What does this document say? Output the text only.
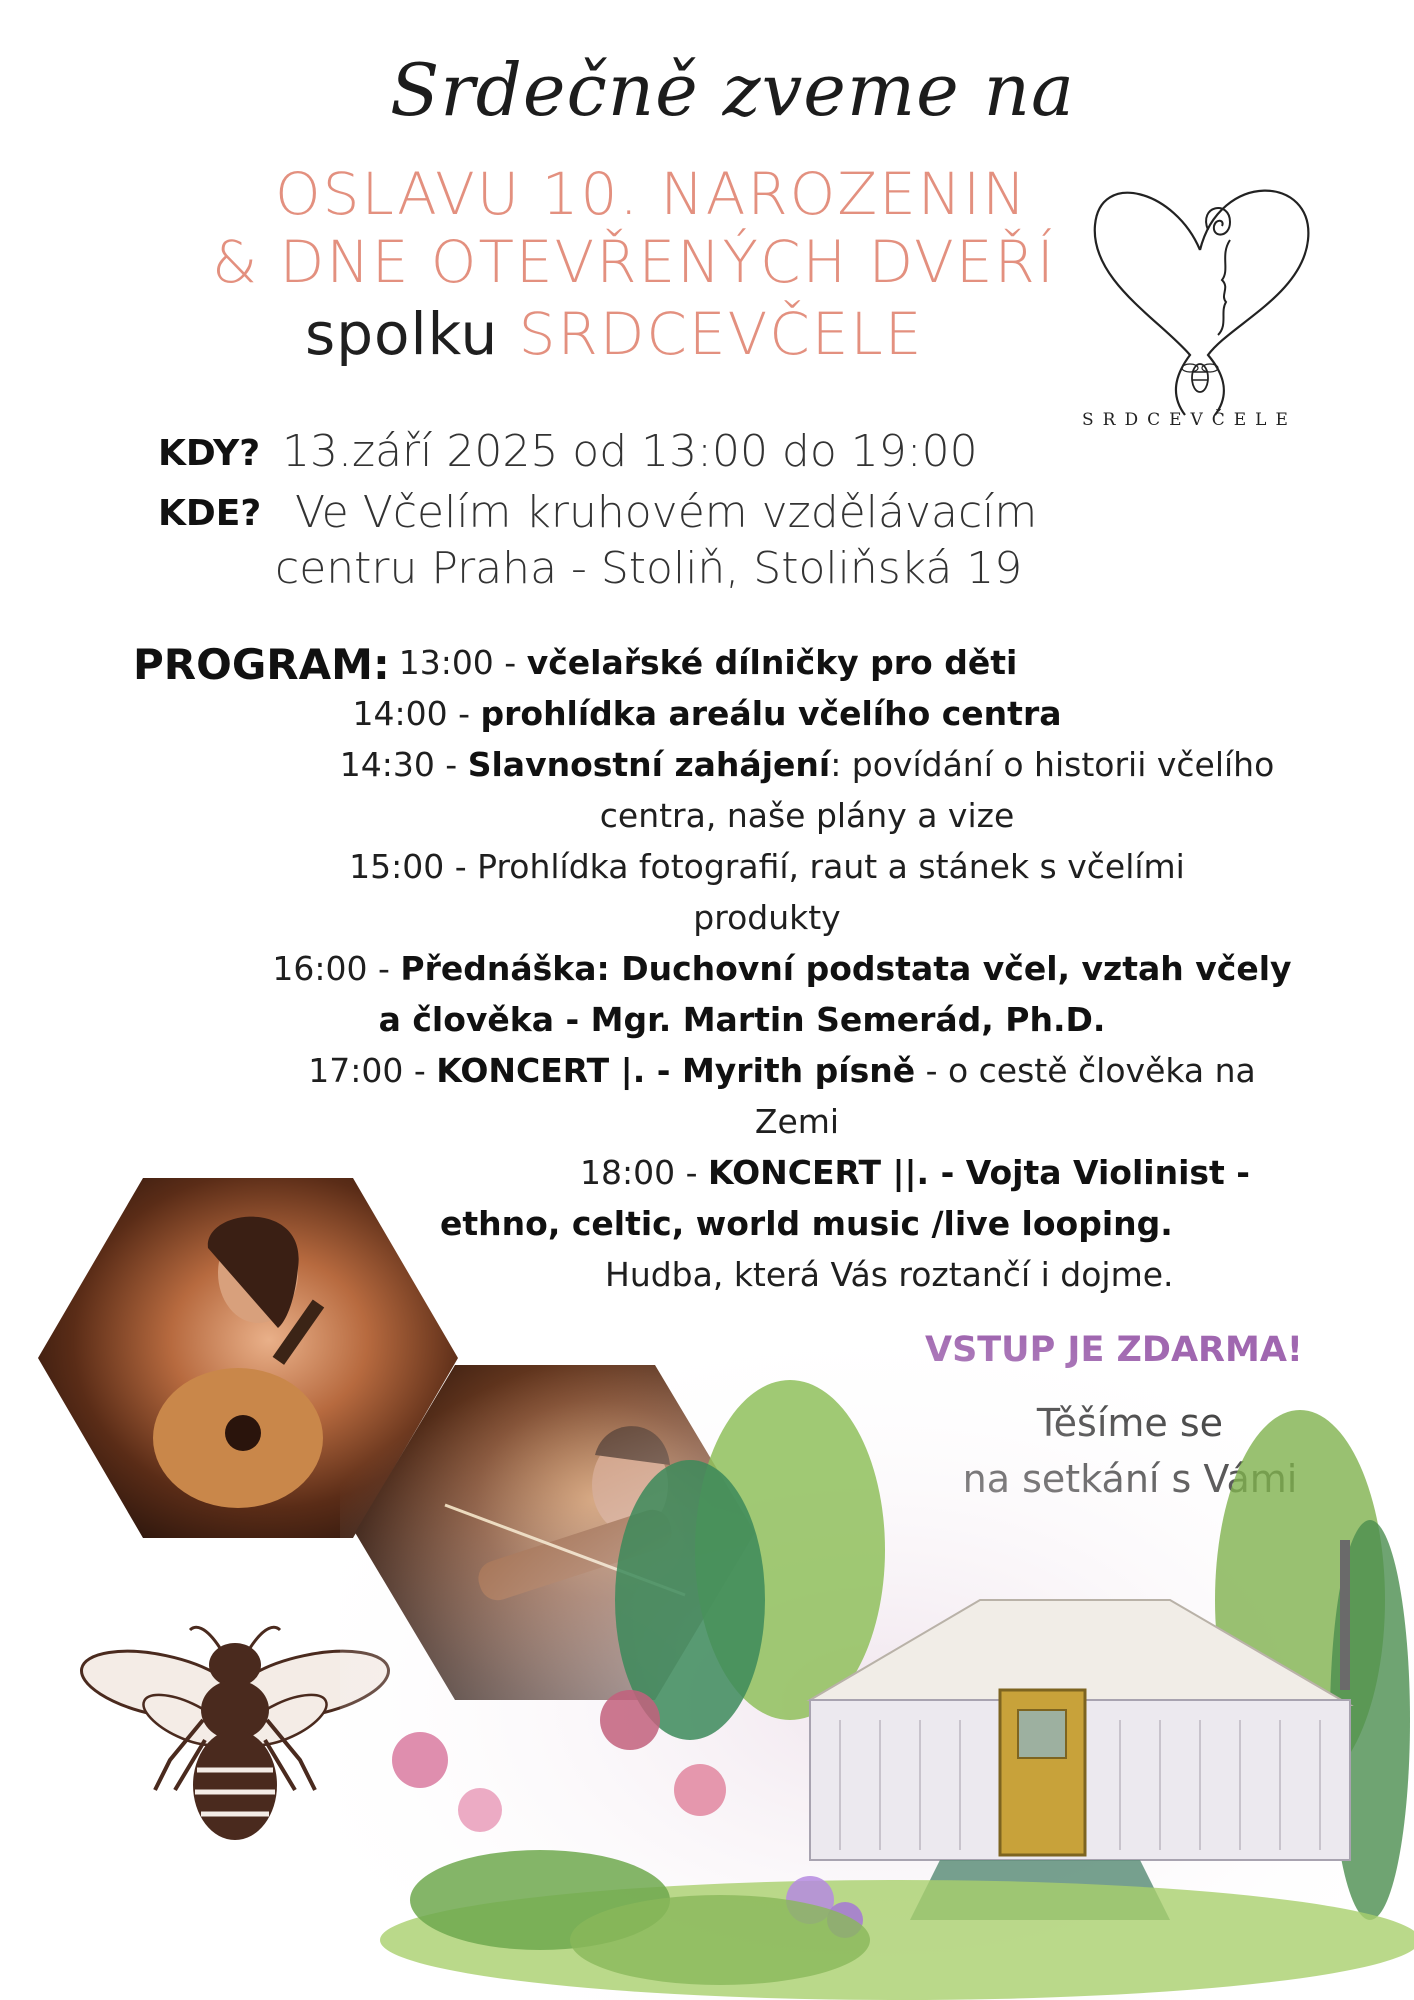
Srdečně zveme na
OSLAVU 10. NAROZENIN
& DNE OTEVŘENÝCH DVEŘÍ
spolku SRDCEVČELE
SRDCEVČELE
KDY? 13.září 2025 od 13:00 do 19:00
KDE? Ve Včelím kruhovém vzdělávacím
centru Praha - Stoliň, Stoliňská 19
PROGRAM: 13:00 - včelařské dílničky pro děti
14:00 - prohlídka areálu včelího centra
14:30 - Slavnostní zahájení: povídání o historii včelího
centra, naše plány a vize
15:00 - Prohlídka fotografií, raut a stánek s včelími
produkty
16:00 - Přednáška: Duchovní podstata včel, vztah včely
a člověka - Mgr. Martin Semerád, Ph.D.
17:00 - KONCERT |. - Myrith písně - o cestě člověka na
Zemi
18:00 - KONCERT ||. - Vojta Violinist -
ethno, celtic, world music /live looping.
Hudba, která Vás roztančí i dojme.
